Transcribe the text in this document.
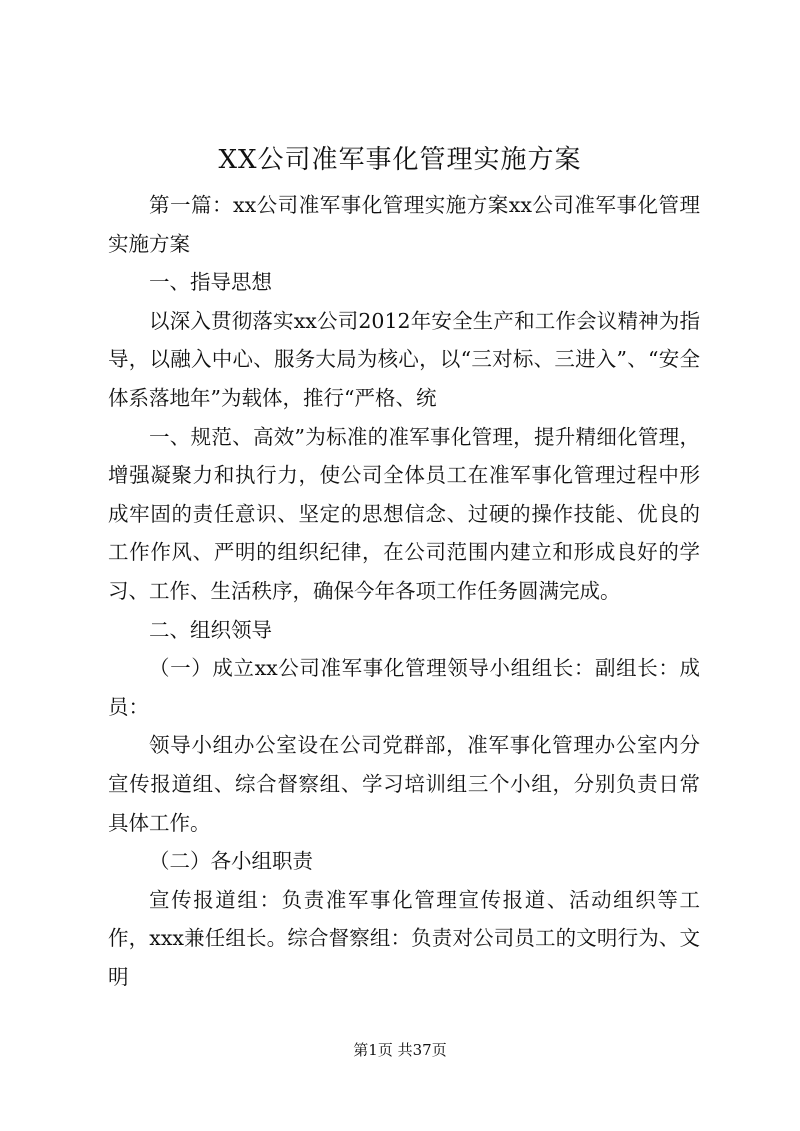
XX公司准军事化管理实施方案

第一篇：xx公司准军事化管理实施方案xx公司准军事化管理实施方案

一、指导思想

以深入贯彻落实xx公司2012年安全生产和工作会议精神为指导，以融入中心、服务大局为核心，以“三对标、三进入”、“安全体系落地年”为载体，推行“严格、统

一、规范、高效”为标准的准军事化管理，提升精细化管理，增强凝聚力和执行力，使公司全体员工在准军事化管理过程中形成牢固的责任意识、坚定的思想信念、过硬的操作技能、优良的工作作风、严明的组织纪律，在公司范围内建立和形成良好的学习、工作、生活秩序，确保今年各项工作任务圆满完成。

二、组织领导

（一）成立xx公司准军事化管理领导小组组长：副组长：成员：

领导小组办公室设在公司党群部，准军事化管理办公室内分宣传报道组、综合督察组、学习培训组三个小组，分别负责日常具体工作。

（二）各小组职责

宣传报道组：负责准军事化管理宣传报道、活动组织等工作，xxx兼任组长。综合督察组：负责对公司员工的文明行为、文明

第1页 共37页
